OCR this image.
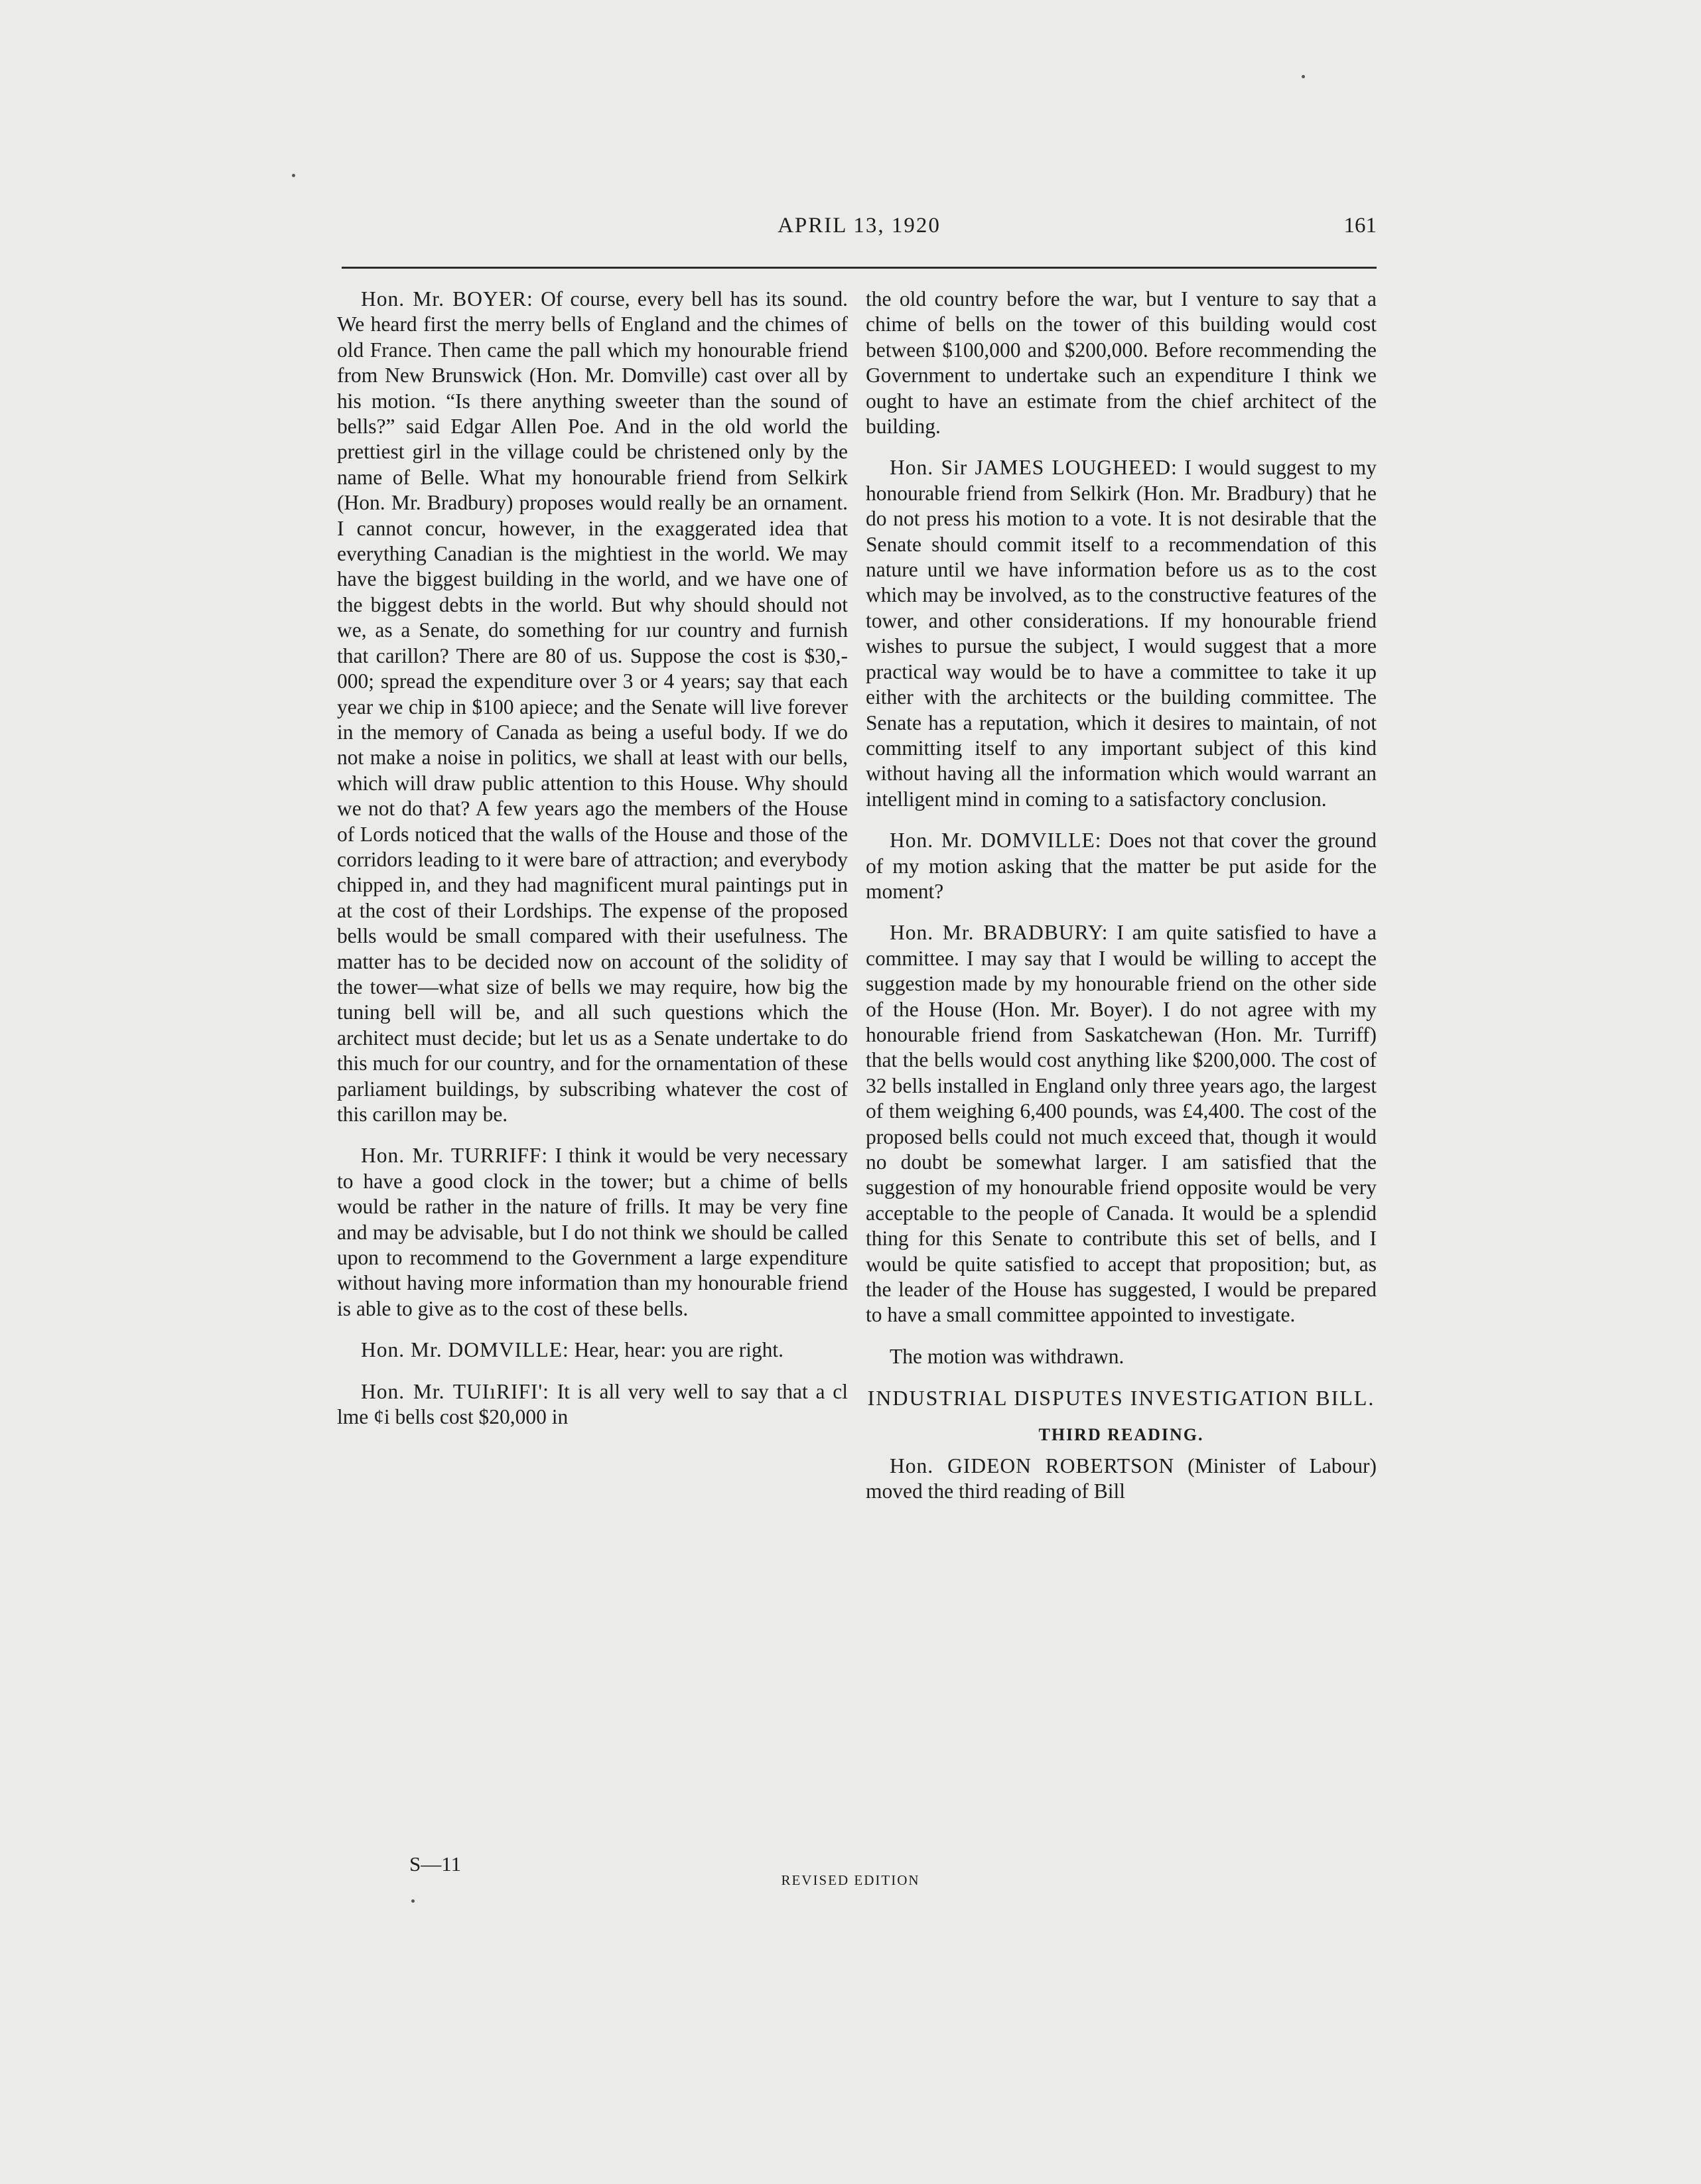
APRIL 13, 1920	161

Hon. Mr. BOYER: Of course, every bell has its sound. We heard first the merry bells of England and the chimes of old France. Then came the pall which my honourable friend from New Brunswick (Hon. Mr. Domville) cast over all by his motion. “Is there anything sweeter than the sound of bells?” said Edgar Allen Poe. And in the old world the prettiest girl in the village could be christened only by the name of Belle. What my honourable friend from Selkirk (Hon. Mr. Bradbury) proposes would really be an ornament. I cannot concur, however, in the exaggerated idea that everything Canadian is the mightiest in the world. We may have the biggest building in the world, and we have one of the biggest debts in the world. But why should should not we, as a Senate, do something for ıur country and furnish that carillon? There are 80 of us. Suppose the cost is $30,000; spread the expenditure over 3 or 4 years; say that each year we chip in $100 apiece; and the Senate will live forever in the memory of Canada as being a useful body. If we do not make a noise in politics, we shall at least with our bells, which will draw public attention to this House. Why should we not do that? A few years ago the members of the House of Lords noticed that the walls of the House and those of the corridors leading to it were bare of attraction; and everybody chipped in, and they had magnificent mural paintings put in at the cost of their Lordships. The expense of the proposed bells would be small compared with their usefulness. The matter has to be decided now on account of the solidity of the tower—what size of bells we may require, how big the tuning bell will be, and all such questions which the architect must decide; but let us as a Senate undertake to do this much for our country, and for the ornamentation of these parliament buildings, by subscribing whatever the cost of this carillon may be.

Hon. Mr. TURRIFF: I think it would be very necessary to have a good clock in the tower; but a chime of bells would be rather in the nature of frills. It may be very fine and may be advisable, but I do not think we should be called upon to recommend to the Government a large expenditure without having more information than my honourable friend is able to give as to the cost of these bells.

Hon. Mr. DOMVILLE: Hear, hear: you are right.

Hon. Mr. TUIıRIFI': It is all very well to say that a cl lme ¢i bells cost $20,000 in

the old country before the war, but I venture to say that a chime of bells on the tower of this building would cost between $100,000 and $200,000. Before recommending the Government to undertake such an expenditure I think we ought to have an estimate from the chief architect of the building.

Hon. Sir JAMES LOUGHEED: I would suggest to my honourable friend from Selkirk (Hon. Mr. Bradbury) that he do not press his motion to a vote. It is not desirable that the Senate should commit itself to a recommendation of this nature until we have information before us as to the cost which may be involved, as to the constructive features of the tower, and other considerations. If my honourable friend wishes to pursue the subject, I would suggest that a more practical way would be to have a committee to take it up either with the architects or the building committee. The Senate has a reputation, which it desires to maintain, of not committing itself to any important subject of this kind without having all the information which would warrant an intelligent mind in coming to a satisfactory conclusion.

Hon. Mr. DOMVILLE: Does not that cover the ground of my motion asking that the matter be put aside for the moment?

Hon. Mr. BRADBURY: I am quite satisfied to have a committee. I may say that I would be willing to accept the suggestion made by my honourable friend on the other side of the House (Hon. Mr. Boyer). I do not agree with my honourable friend from Saskatchewan (Hon. Mr. Turriff) that the bells would cost anything like $200,000. The cost of 32 bells installed in England only three years ago, the largest of them weighing 6,400 pounds, was £4,400. The cost of the proposed bells could not much exceed that, though it would no doubt be somewhat larger. I am satisfied that the suggestion of my honourable friend opposite would be very acceptable to the people of Canada. It would be a splendid thing for this Senate to contribute this set of bells, and I would be quite satisfied to accept that proposition; but, as the leader of the House has suggested, I would be prepared to have a small committee appointed to investigate.

The motion was withdrawn.

INDUSTRIAL DISPUTES INVESTIGATION BILL.
THIRD READING.

Hon. GIDEON ROBERTSON (Minister of Labour) moved the third reading of Bill

S—11
REVISED EDITION
